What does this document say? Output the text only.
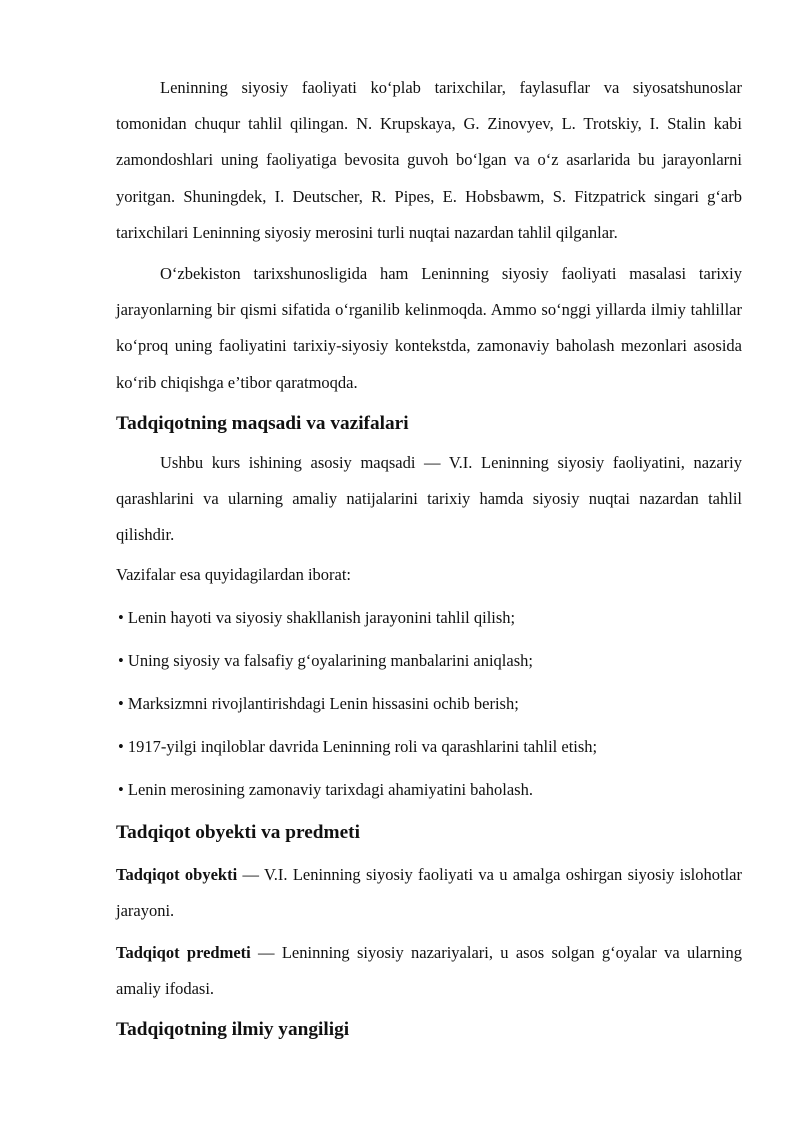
Leninning siyosiy faoliyati ko‘plab tarixchilar, faylasuflar va siyosatshunoslar tomonidan chuqur tahlil qilingan. N. Krupskaya, G. Zinovyev, L. Trotskiy, I. Stalin kabi zamondoshlari uning faoliyatiga bevosita guvoh bo‘lgan va o‘z asarlarida bu jarayonlarni yoritgan. Shuningdek, I. Deutscher, R. Pipes, E. Hobsbawm, S. Fitzpatrick singari g‘arb tarixchilari Leninning siyosiy merosini turli nuqtai nazardan tahlil qilganlar.

O‘zbekiston tarixshunosligida ham Leninning siyosiy faoliyati masalasi tarixiy jarayonlarning bir qismi sifatida o‘rganilib kelinmoqda. Ammo so‘nggi yillarda ilmiy tahlillar ko‘proq uning faoliyatini tarixiy-siyosiy kontekstda, zamonaviy baholash mezonlari asosida ko‘rib chiqishga e’tibor qaratmoqda.

Tadqiqotning maqsadi va vazifalari

Ushbu kurs ishining asosiy maqsadi — V.I. Leninning siyosiy faoliyatini, nazariy qarashlarini va ularning amaliy natijalarini tarixiy hamda siyosiy nuqtai nazardan tahlil qilishdir.

Vazifalar esa quyidagilardan iborat:

• Lenin hayoti va siyosiy shakllanish jarayonini tahlil qilish;
• Uning siyosiy va falsafiy g‘oyalarining manbalarini aniqlash;
• Marksizmni rivojlantirishdagi Lenin hissasini ochib berish;
• 1917-yilgi inqiloblar davrida Leninning roli va qarashlarini tahlil etish;
• Lenin merosining zamonaviy tarixdagi ahamiyatini baholash.
Tadqiqot obyekti va predmeti

Tadqiqot obyekti — V.I. Leninning siyosiy faoliyati va u amalga oshirgan siyosiy islohotlar jarayoni.

Tadqiqot predmeti — Leninning siyosiy nazariyalari, u asos solgan g‘oyalar va ularning amaliy ifodasi.

Tadqiqotning ilmiy yangiligi
